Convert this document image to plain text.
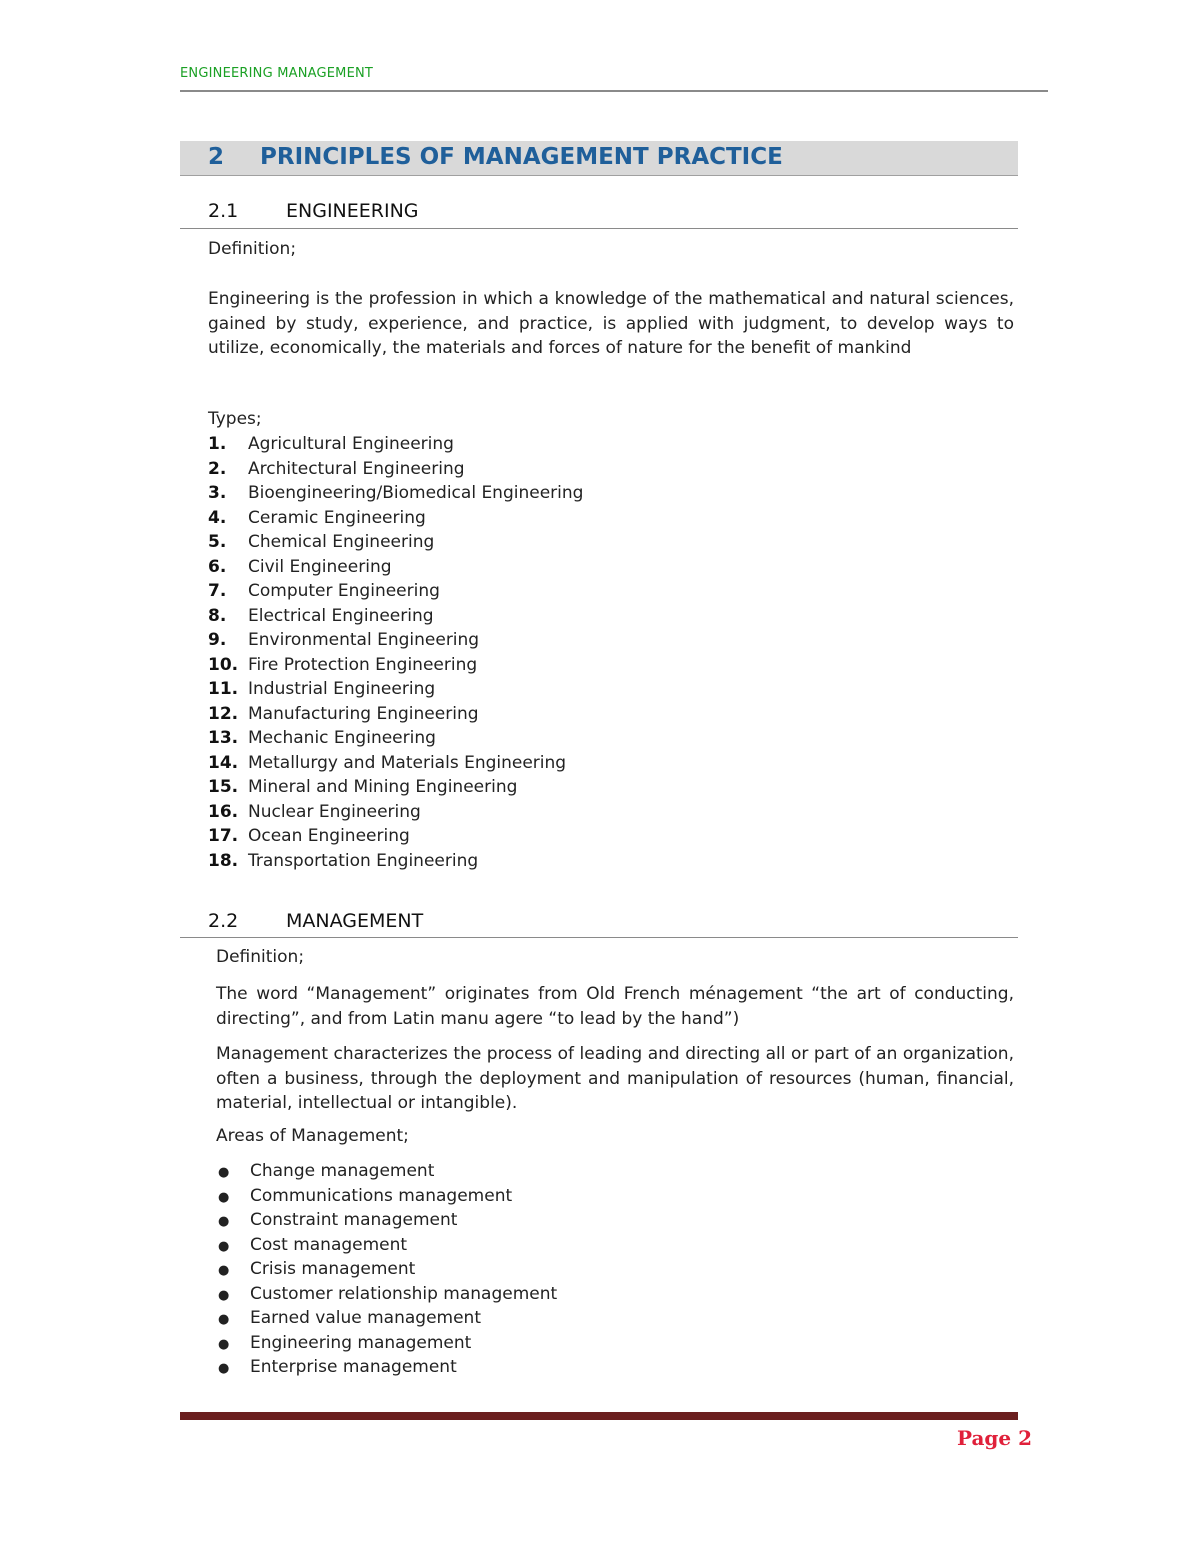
ENGINEERING MANAGEMENT
2 PRINCIPLES OF MANAGEMENT PRACTICE
2.1	ENGINEERING
Definition;
Engineering is the profession in which a knowledge of the mathematical and natural sciences, gained by study, experience, and practice, is applied with judgment, to develop ways to utilize, economically, the materials and forces of nature for the benefit of mankind
Types;
1. Agricultural Engineering
2. Architectural Engineering
3. Bioengineering/Biomedical Engineering
4. Ceramic Engineering
5. Chemical Engineering
6. Civil Engineering
7. Computer Engineering
8. Electrical Engineering
9. Environmental Engineering
10. Fire Protection Engineering
11. Industrial Engineering
12. Manufacturing Engineering
13. Mechanic Engineering
14. Metallurgy and Materials Engineering
15. Mineral and Mining Engineering
16. Nuclear Engineering
17. Ocean Engineering
18. Transportation Engineering
2.2	MANAGEMENT
Definition;
The word “Management” originates from Old French ménagement “the art of conducting, directing”, and from Latin manu agere “to lead by the hand”)
Management characterizes the process of leading and directing all or part of an organization, often a business, through the deployment and manipulation of resources (human, financial, material, intellectual or intangible).
Areas of Management;
● Change management
● Communications management
● Constraint management
● Cost management
● Crisis management
● Customer relationship management
● Earned value management
● Engineering management
● Enterprise management
Page 2
